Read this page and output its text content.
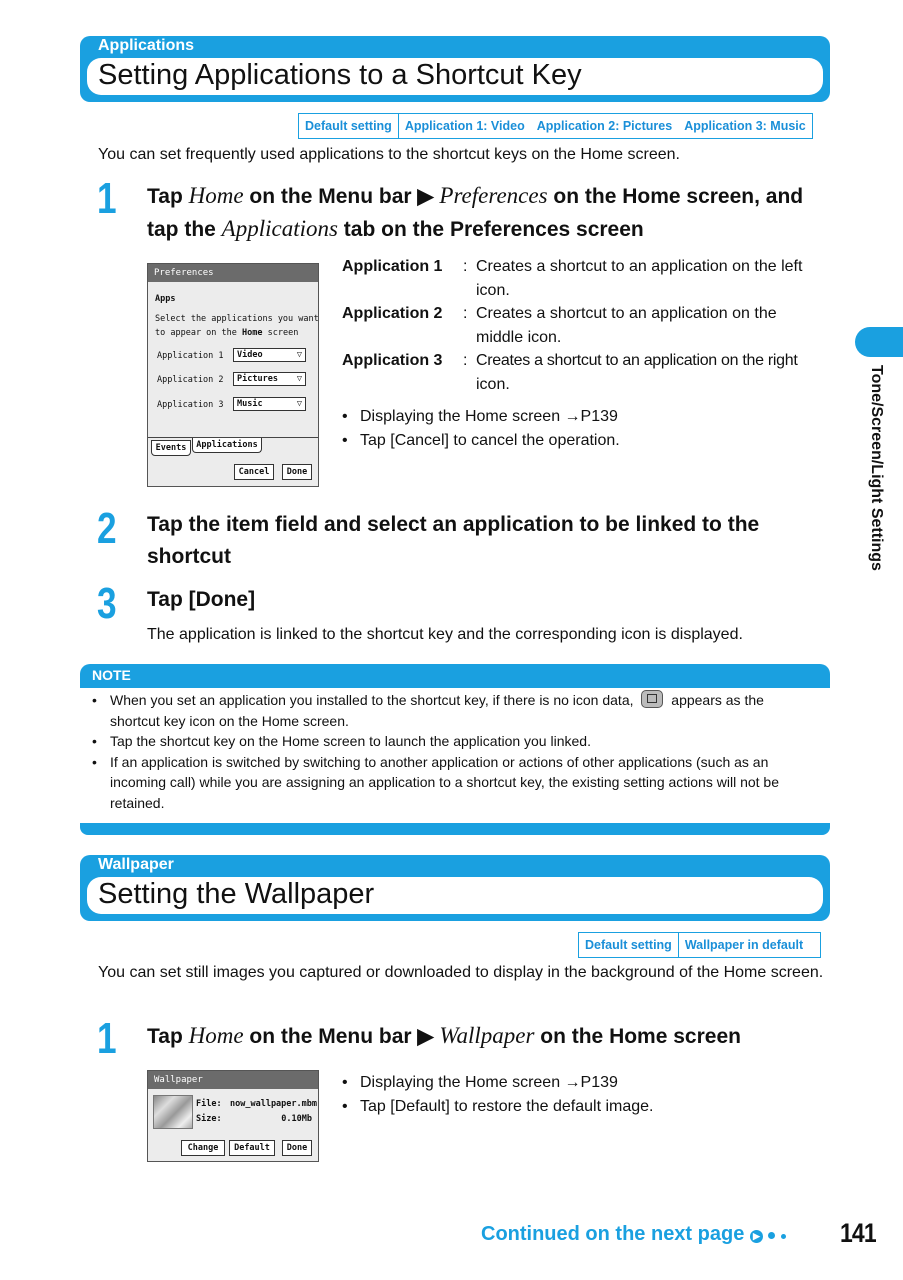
Applications
Setting Applications to a Shortcut Key
Default setting	Application 1: Video Application 2: Pictures Application 3: Music
You can set frequently used applications to the shortcut keys on the Home screen.
1 Tap Home on the Menu bar ▶ Preferences on the Home screen, and tap the Applications tab on the Preferences screen
Preferences
Apps
Select the applications you want
to appear on the Home screen
Application 1	Video	▽
Application 2	Pictures ▽
Application 3	Music	▽
Events	Applications
Cancel	Done
Application 1 : Creates a shortcut to an application on the left
icon.
Application 2 : Creates a shortcut to an application on the
middle icon.
Application 3 : Creates a shortcut to an application on the right
icon.
• Displaying the Home screen →P139
• Tap [Cancel] to cancel the operation.
2 Tap the item field and select an application to be linked to the shortcut
3 Tap [Done]
The application is linked to the shortcut key and the corresponding icon is displayed.
NOTE
• When you set an application you installed to the shortcut key, if there is no icon data,	appears as the shortcut key icon on the Home screen.
• Tap the shortcut key on the Home screen to launch the application you linked.
• If an application is switched by switching to another application or actions of other applications (such as an incoming call) while you are assigning an application to a shortcut key, the existing setting actions will not be retained.
Wallpaper
Setting the Wallpaper
Default setting	Wallpaper in default
You can set still images you captured or downloaded to display in the background of the Home screen.
1 Tap Home on the Menu bar ▶ Wallpaper on the Home screen
Wallpaper
File: now_wallpaper.mbm
Size:	0.10Mb
Change	Default	Done
• Displaying the Home screen →P139
• Tap [Default] to restore the default image.
Tone/Screen/Light Settings
Continued on the next page ▶	141
